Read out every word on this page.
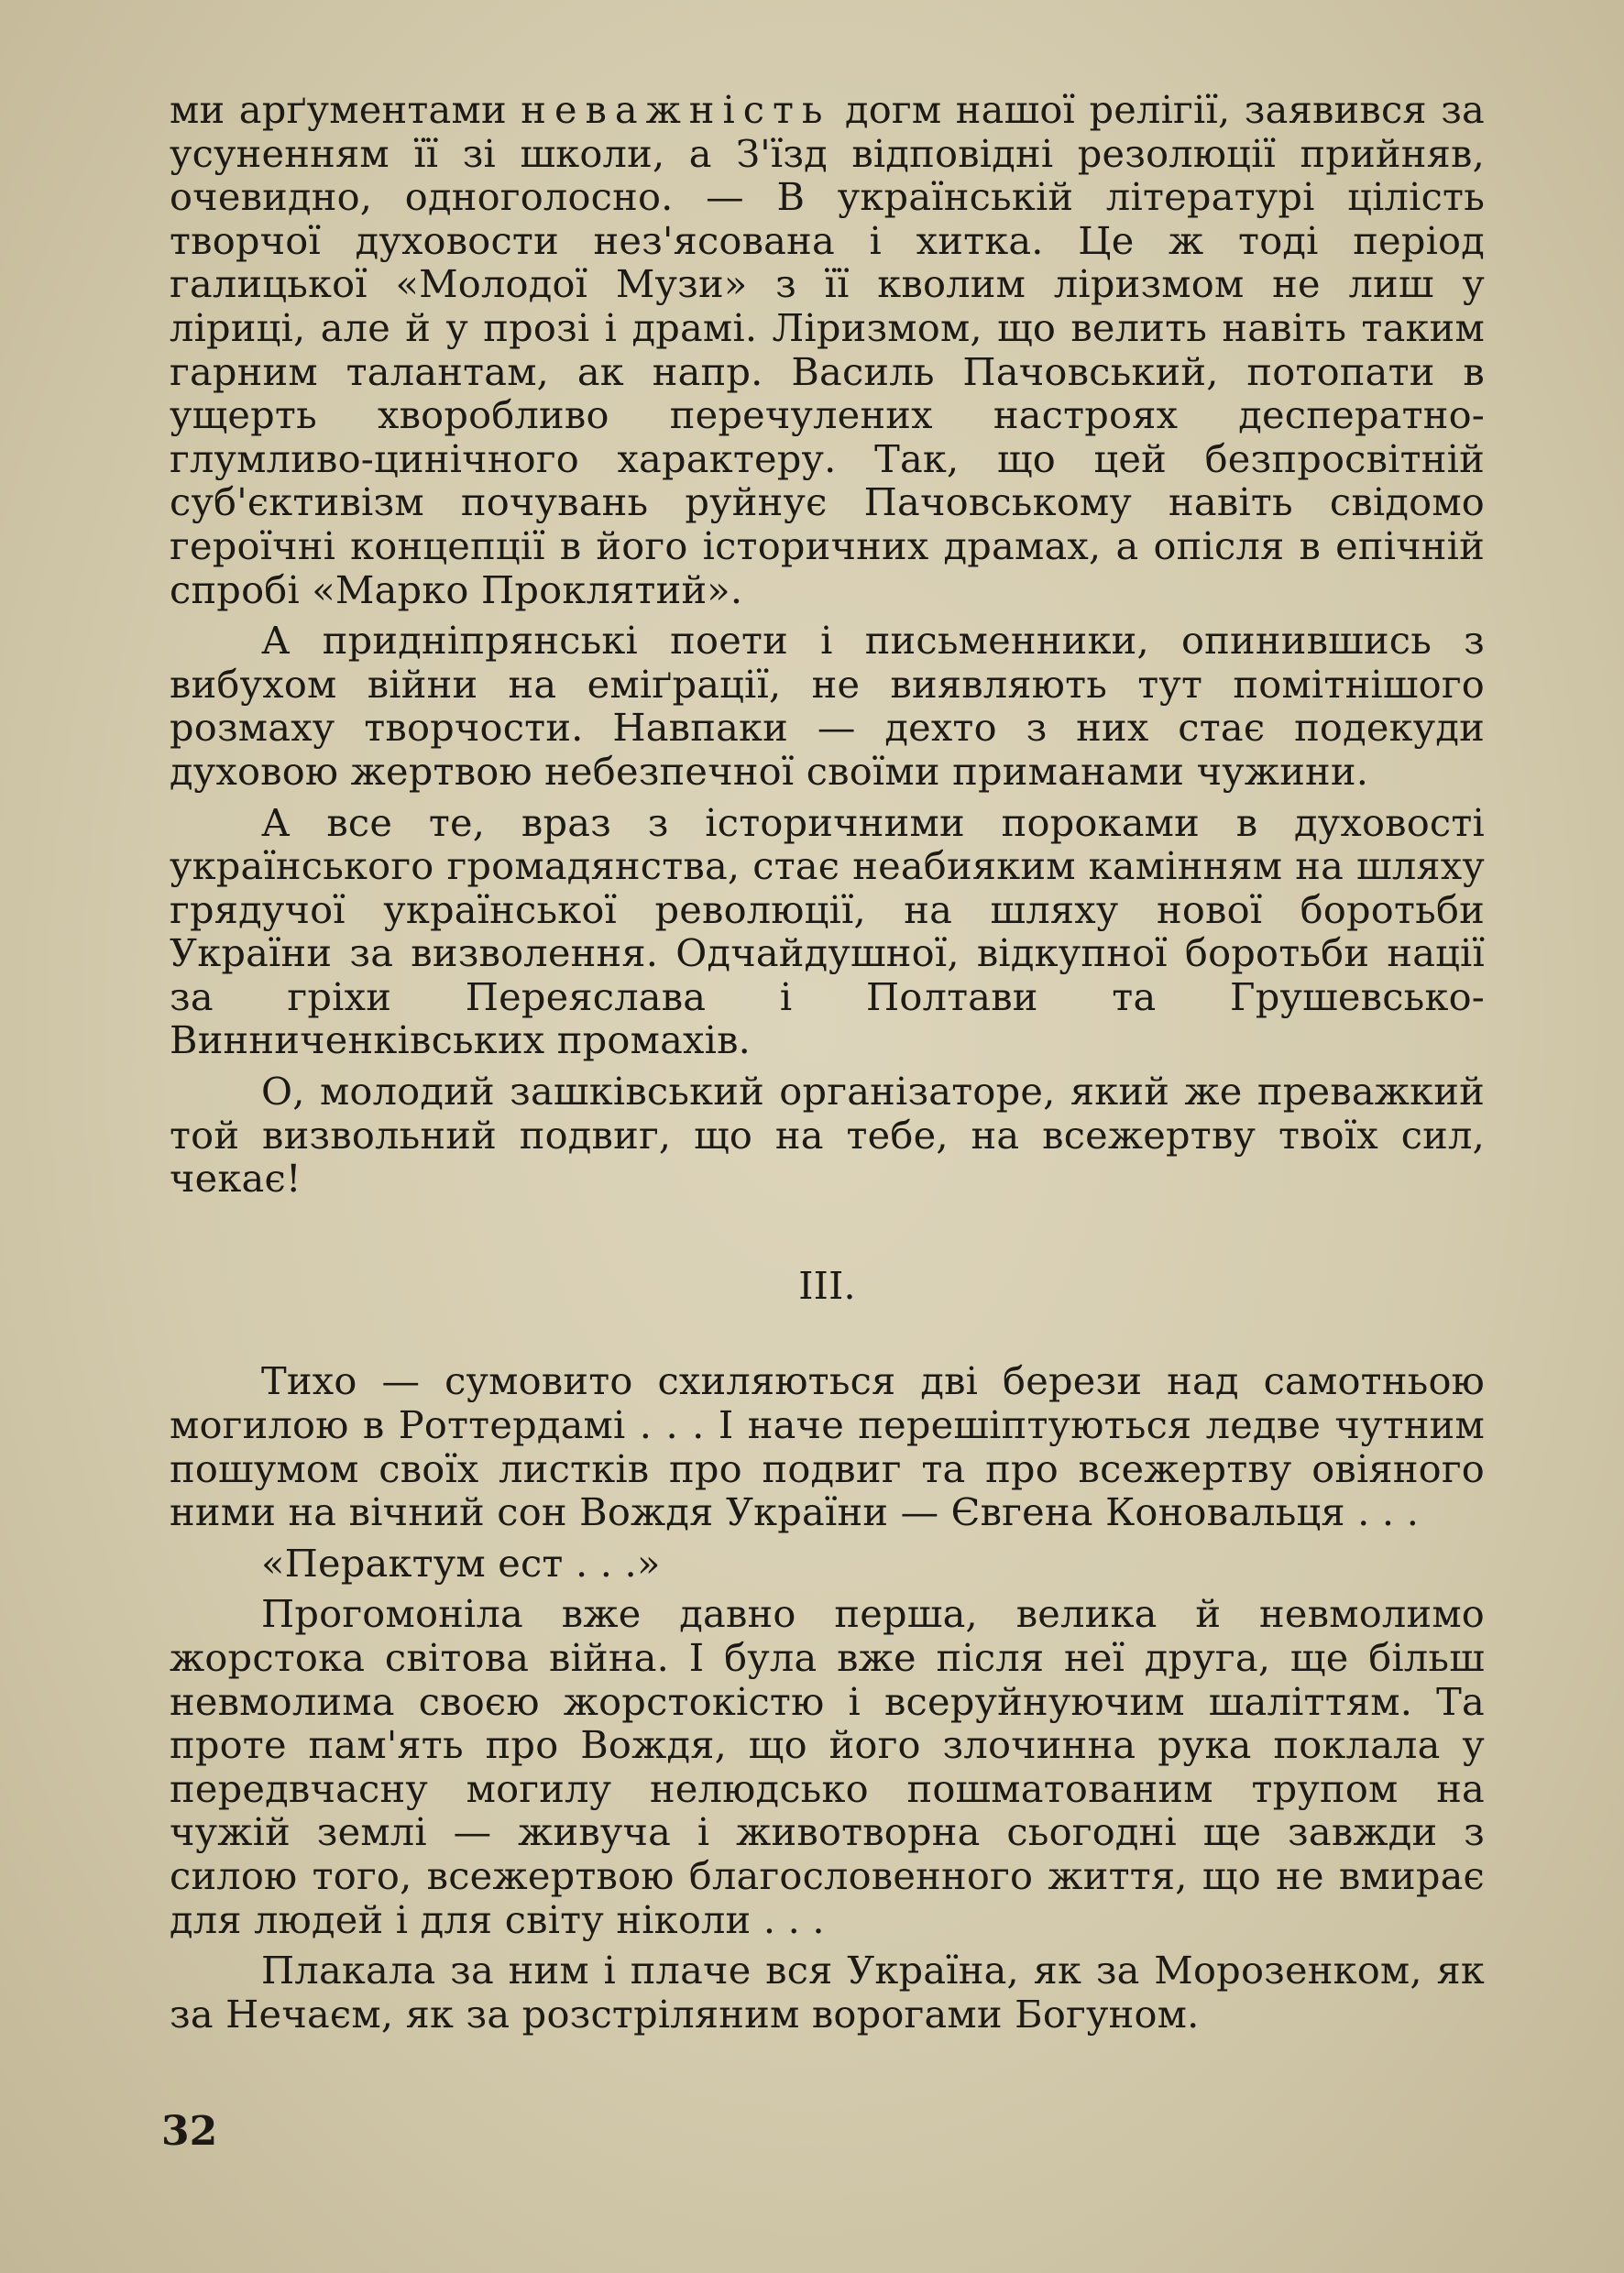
ми арґументами неважність догм нашої релігії, заявився за усуненням її зі школи, а З'їзд відповідні резолюції прийняв, очевидно, одноголосно. — В українській літературі цілість творчої духовости нез'ясована і хитка. Це ж тоді період галицької «Молодої Музи» з її кволим ліризмом не лиш у ліриці, але й у прозі і драмі. Ліризмом, що велить навіть таким гарним талантам, ак напр. Василь Пачовський, потопати в ущерть хворобливо перечулених настроях десператно-глумливо-цинічного характеру. Так, що цей безпросвітній суб'єктивізм почувань руйнує Пачовському навіть свідомо героїчні концепції в його історичних драмах, а опісля в епічній спробі «Марко Проклятий».

А придніпрянські поети і письменники, опинившись з вибухом війни на еміґрації, не виявляють тут помітнішого розмаху творчости. Навпаки — дехто з них стає подекуди духовою жертвою небезпечної своїми приманами чужини.

А все те, враз з історичними пороками в духовості українського громадянства, стає неабияким камінням на шляху грядучої української революції, на шляху нової боротьби України за визволення. Одчайдушної, відкупної боротьби нації за гріхи Переяслава і Полтави та Грушевсько-Винниченківських промахів.

О, молодий зашківський організаторе, який же преважкий той визвольний подвиг, що на тебе, на всежертву твоїх сил, чекає!

III.

Тихо — сумовито схиляються дві берези над самотньою могилою в Роттердамі . . . І наче перешіптуються ледве чутним пошумом своїх листків про подвиг та про всежертву овіяного ними на вічний сон Вождя України — Євгена Коновальця . . .

«Перактум ест . . .»

Прогомоніла вже давно перша, велика й невмолимо жорстока світова війна. І була вже після неї друга, ще більш невмолима своєю жорстокістю і всеруйнуючим шаліттям. Та проте пам'ять про Вождя, що його злочинна рука поклала у передвчасну могилу нелюдсько пошматованим трупом на чужій землі — живуча і животворна сьогодні ще завжди з силою того, всежертвою благословенного життя, що не вмирає для людей і для світу ніколи . . .

Плакала за ним і плаче вся Україна, як за Морозенком, як за Нечаєм, як за розстріляним ворогами Богуном.

32
